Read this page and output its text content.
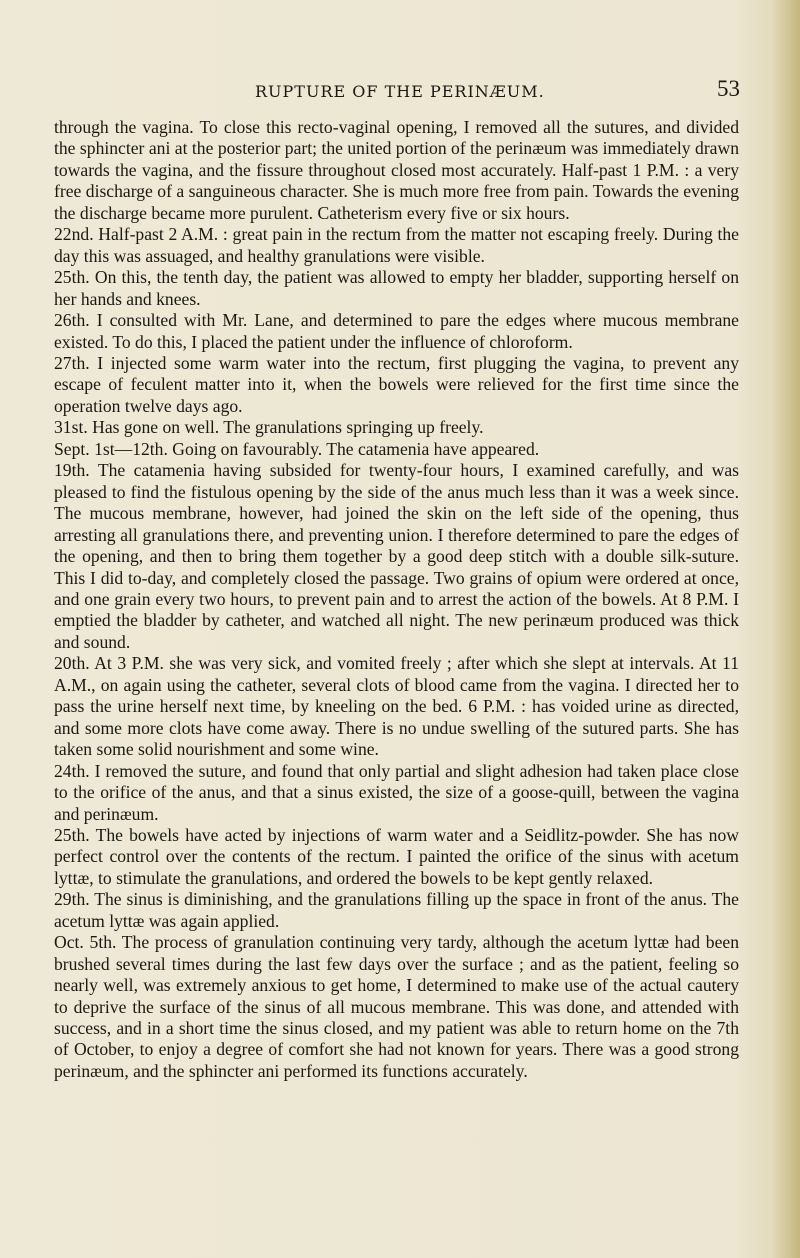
RUPTURE OF THE PERINÆUM.	53

through the vagina. To close this recto-vaginal opening, I removed all the sutures, and divided the sphincter ani at the posterior part; the united portion of the perinæum was immediately drawn towards the vagina, and the fissure throughout closed most accurately. Half-past 1 P.M. : a very free discharge of a sanguineous character. She is much more free from pain. Towards the evening the discharge became more purulent. Catheterism every five or six hours.

22nd. Half-past 2 A.M. : great pain in the rectum from the matter not escaping freely. During the day this was assuaged, and healthy granulations were visible.

25th. On this, the tenth day, the patient was allowed to empty her bladder, supporting herself on her hands and knees.

26th. I consulted with Mr. Lane, and determined to pare the edges where mucous membrane existed. To do this, I placed the patient under the influence of chloroform.

27th. I injected some warm water into the rectum, first plugging the vagina, to prevent any escape of feculent matter into it, when the bowels were relieved for the first time since the operation twelve days ago.

31st. Has gone on well. The granulations springing up freely.

Sept. 1st—12th. Going on favourably. The catamenia have appeared.

19th. The catamenia having subsided for twenty-four hours, I examined carefully, and was pleased to find the fistulous opening by the side of the anus much less than it was a week since. The mucous membrane, however, had joined the skin on the left side of the opening, thus arresting all granulations there, and preventing union. I therefore determined to pare the edges of the opening, and then to bring them together by a good deep stitch with a double silk-suture. This I did to-day, and completely closed the passage. Two grains of opium were ordered at once, and one grain every two hours, to prevent pain and to arrest the action of the bowels. At 8 P.M. I emptied the bladder by catheter, and watched all night. The new perinæum produced was thick and sound.

20th. At 3 P.M. she was very sick, and vomited freely ; after which she slept at intervals. At 11 A.M., on again using the catheter, several clots of blood came from the vagina. I directed her to pass the urine herself next time, by kneeling on the bed. 6 P.M. : has voided urine as directed, and some more clots have come away. There is no undue swelling of the sutured parts. She has taken some solid nourishment and some wine.

24th. I removed the suture, and found that only partial and slight adhesion had taken place close to the orifice of the anus, and that a sinus existed, the size of a goose-quill, between the vagina and perinæum.

25th. The bowels have acted by injections of warm water and a Seidlitz-powder. She has now perfect control over the contents of the rectum. I painted the orifice of the sinus with acetum lyttæ, to stimulate the granulations, and ordered the bowels to be kept gently relaxed.

29th. The sinus is diminishing, and the granulations filling up the space in front of the anus. The acetum lyttæ was again applied.

Oct. 5th. The process of granulation continuing very tardy, although the acetum lyttæ had been brushed several times during the last few days over the surface ; and as the patient, feeling so nearly well, was extremely anxious to get home, I determined to make use of the actual cautery to deprive the surface of the sinus of all mucous membrane. This was done, and attended with success, and in a short time the sinus closed, and my patient was able to return home on the 7th of October, to enjoy a degree of comfort she had not known for years. There was a good strong perinæum, and the sphincter ani performed its functions accurately.
